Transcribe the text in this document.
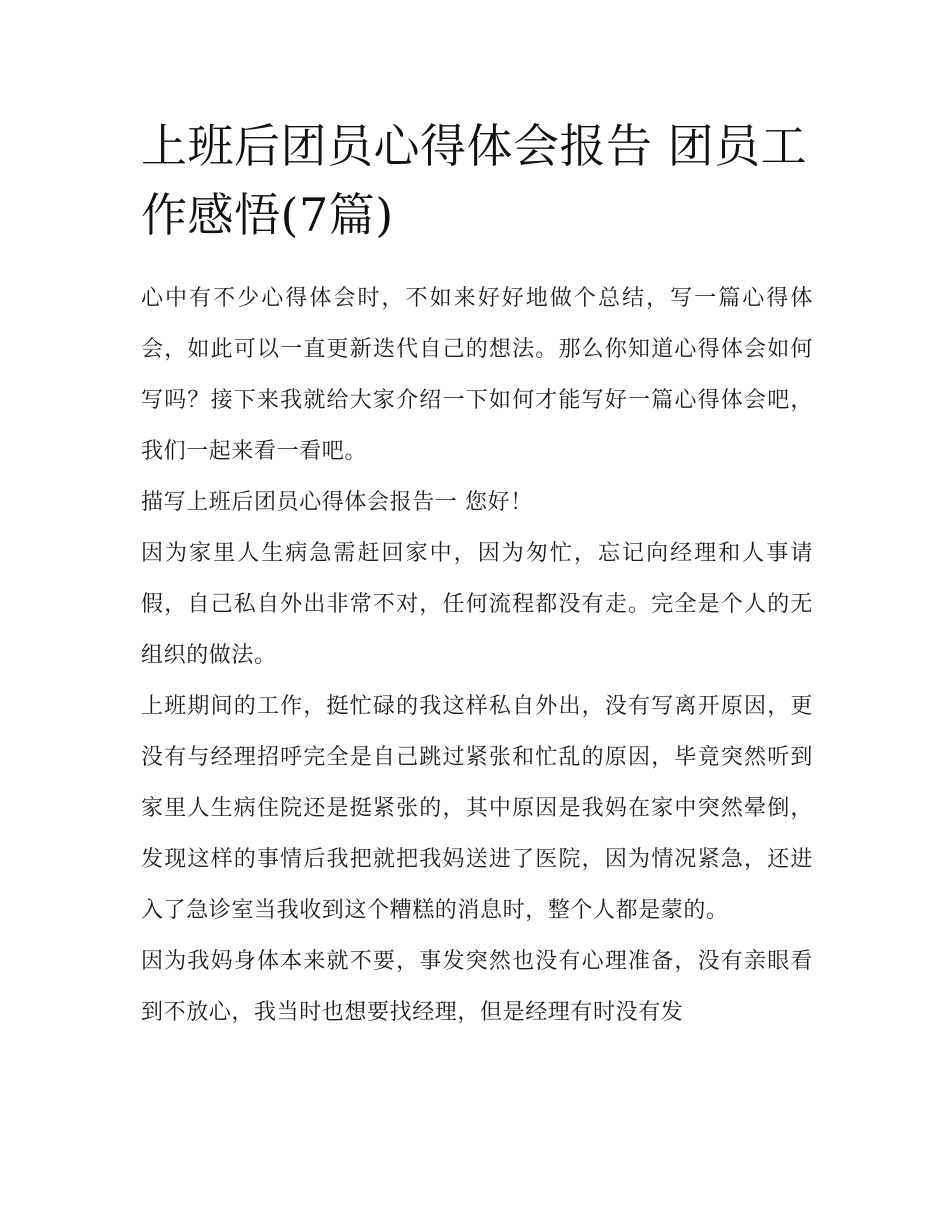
上班后团员心得体会报告 团员工作感悟(7篇)

心中有不少心得体会时，不如来好好地做个总结，写一篇心得体会，如此可以一直更新迭代自己的想法。那么你知道心得体会如何写吗？接下来我就给大家介绍一下如何才能写好一篇心得体会吧，我们一起来看一看吧。

描写上班后团员心得体会报告一 您好！

因为家里人生病急需赶回家中，因为匆忙，忘记向经理和人事请假，自己私自外出非常不对，任何流程都没有走。完全是个人的无组织的做法。

上班期间的工作，挺忙碌的我这样私自外出，没有写离开原因，更没有与经理招呼完全是自己跳过紧张和忙乱的原因，毕竟突然听到家里人生病住院还是挺紧张的，其中原因是我妈在家中突然晕倒，发现这样的事情后我把就把我妈送进了医院，因为情况紧急，还进入了急诊室当我收到这个糟糕的消息时，整个人都是蒙的。

因为我妈身体本来就不要，事发突然也没有心理准备，没有亲眼看到不放心，我当时也想要找经理，但是经理有时没有发
